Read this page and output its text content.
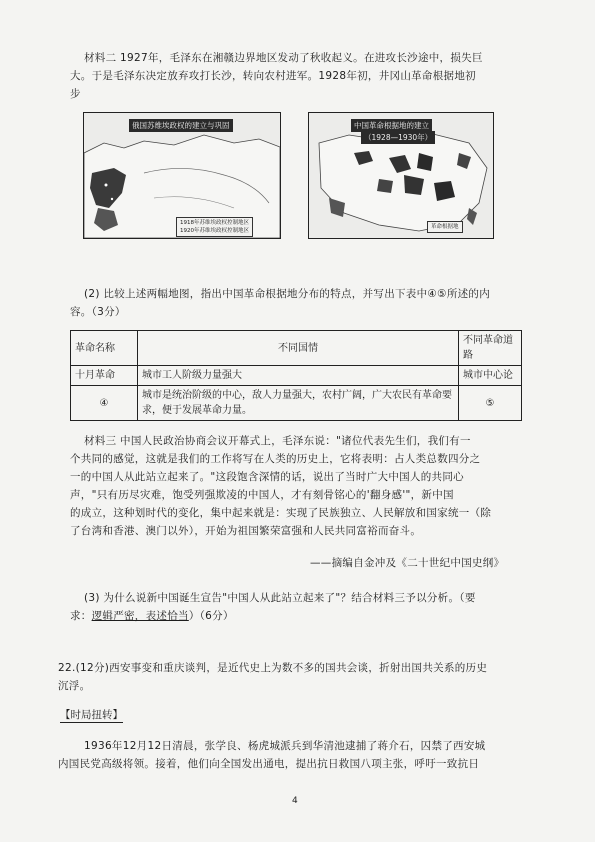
材料二 1927年，毛泽东在湘赣边界地区发动了秋收起义。在进攻长沙途中，损失巨
大。于是毛泽东决定放弃攻打长沙，转向农村进军。1928年初，井冈山革命根据地初
步
俄国苏维埃政权的建立与巩固
1918年苏维埃政权控制地区
1920年苏维埃政权控制地区
中国革命根据地的建立
（1928—1930年）
革命根据地
(2) 比较上述两幅地图，指出中国革命根据地分布的特点，并写出下表中④⑤所述的内
容。（3分）
革命名称	不同国情	不同革命道路
十月革命	城市工人阶级力量强大	城市中心论
④	城市是统治阶级的中心，敌人力量强大，农村广阔，广大农民有革命要求，便于发展革命力量。	⑤
材料三 中国人民政治协商会议开幕式上，毛泽东说："诸位代表先生们，我们有一
个共同的感觉，这就是我们的工作将写在人类的历史上，它将表明：占人类总数四分之
一的中国人从此站立起来了。"这段饱含深情的话，说出了当时广大中国人的共同心
声，"只有历尽灾难，饱受列强欺凌的中国人，才有刻骨铭心的'翻身感'"，新中国
的成立，这种划时代的变化，集中起来就是：实现了民族独立、人民解放和国家统一（除
了台湾和香港、澳门以外），开始为祖国繁荣富强和人民共同富裕而奋斗。
——摘编自金冲及《二十世纪中国史纲》
(3) 为什么说新中国诞生宣告"中国人从此站立起来了"？结合材料三予以分析。（要
求：逻辑严密，表述恰当）（6分）
22.(12分)西安事变和重庆谈判，是近代史上为数不多的国共会谈，折射出国共关系的历史
沉浮。
【时局扭转】
1936年12月12日清晨，张学良、杨虎城派兵到华清池逮捕了蒋介石，囚禁了西安城
内国民党高级将领。接着，他们向全国发出通电，提出抗日救国八项主张，呼吁一致抗日
4
